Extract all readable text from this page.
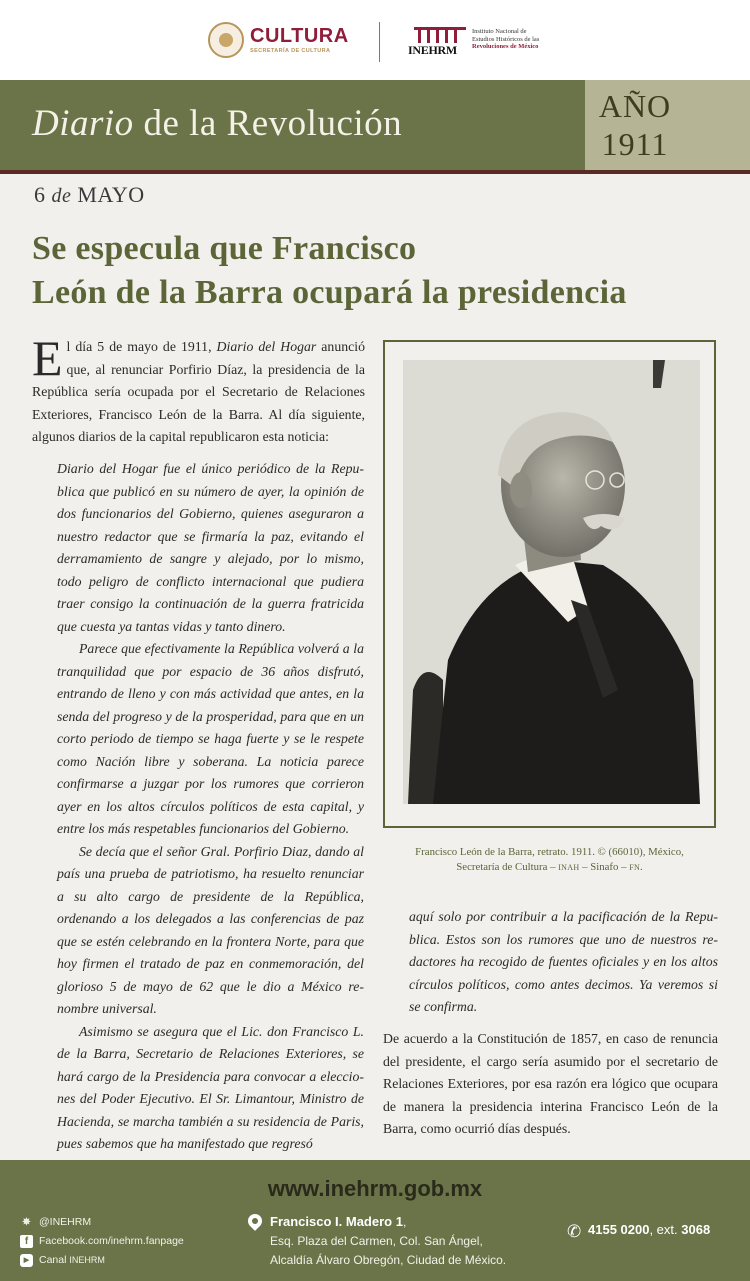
CULTURA
SECRETARÍA DE CULTURA	INEHRM
Instituto Nacional de
Estudios Históricos de las
Revoluciones de México
Diario de la Revolución	AÑO
1911
6 de MAYO
Se especula que Francisco
León de la Barra ocupará la presidencia
El día 5 de mayo de 1911, Diario del Hogar anunció que, al renunciar Porfirio Díaz, la presidencia de la República sería ocupada por el Secretario de Relaciones Exteriores, Francisco León de la Barra. Al día siguiente, algunos diarios de la capital republicaron esta noticia:

Diario del Hogar fue el único periódico de la Republica que publicó en su número de ayer, la opinión de dos funcionarios del Gobierno, quienes aseguraron a nuestro redactor que se firmaría la paz, evitando el derramamiento de sangre y alejado, por lo mismo, todo peligro de conflicto internacional que pudiera traer consigo la continuación de la guerra fratricida que cuesta ya tantas vidas y tanto dinero.

Parece que efectivamente la República volverá a la tranquilidad que por espacio de 36 años disfrutó, entrando de lleno y con más actividad que antes, en la senda del progreso y de la prosperidad, para que en un corto periodo de tiempo se haga fuerte y se le respete como Nación libre y soberana. La noticia parece confirmarse a juzgar por los rumores que corrieron ayer en los altos círculos políticos de esta capital, y entre los más respetables funcionarios del Gobierno.

Se decía que el señor Gral. Porfirio Diaz, dando al país una prueba de patriotismo, ha resuelto renunciar a su alto cargo de presidente de la República, ordenando a los delegados a las conferencias de paz que se estén celebrando en la frontera Norte, para que hoy firmen el tratado de paz en conmemoración, del glorioso 5 de mayo de 62 que le dio a México renombre universal.

Asimismo se asegura que el Lic. don Francisco L. de la Barra, Secretario de Relaciones Exteriores, se hará cargo de la Presidencia para convocar a elecciones del Poder Ejecutivo. El Sr. Limantour, Ministro de Hacienda, se marcha también a su residencia de Paris, pues sabemos que ha manifestado que regresó

Francisco León de la Barra, retrato. 1911. © (66010), México,
Secretaría de Cultura – INAH – Sinafo – FN.
aquí solo por contribuir a la pacificación de la Republica. Estos son los rumores que uno de nuestros redactores ha recogido de fuentes oficiales y en los altos círculos políticos, como antes decimos. Ya veremos si se confirma.
De acuerdo a la Constitución de 1857, en caso de renuncia del presidente, el cargo sería asumido por el secretario de Relaciones Exteriores, por esa razón era lógico que ocupara de manera la presidencia interina Francisco León de la Barra, como ocurrió días después.
www.inehrm.gob.mx
✵ @INEHRM
f	Facebook.com/inehrm.fanpage
▶ Canal
INEHRM
Francisco I. Madero 1,
Esq. Plaza del Carmen, Col. San Ángel,
Alcaldía Álvaro Obregón, Ciudad de México.
✆ 4155 0200, ext. 3068
